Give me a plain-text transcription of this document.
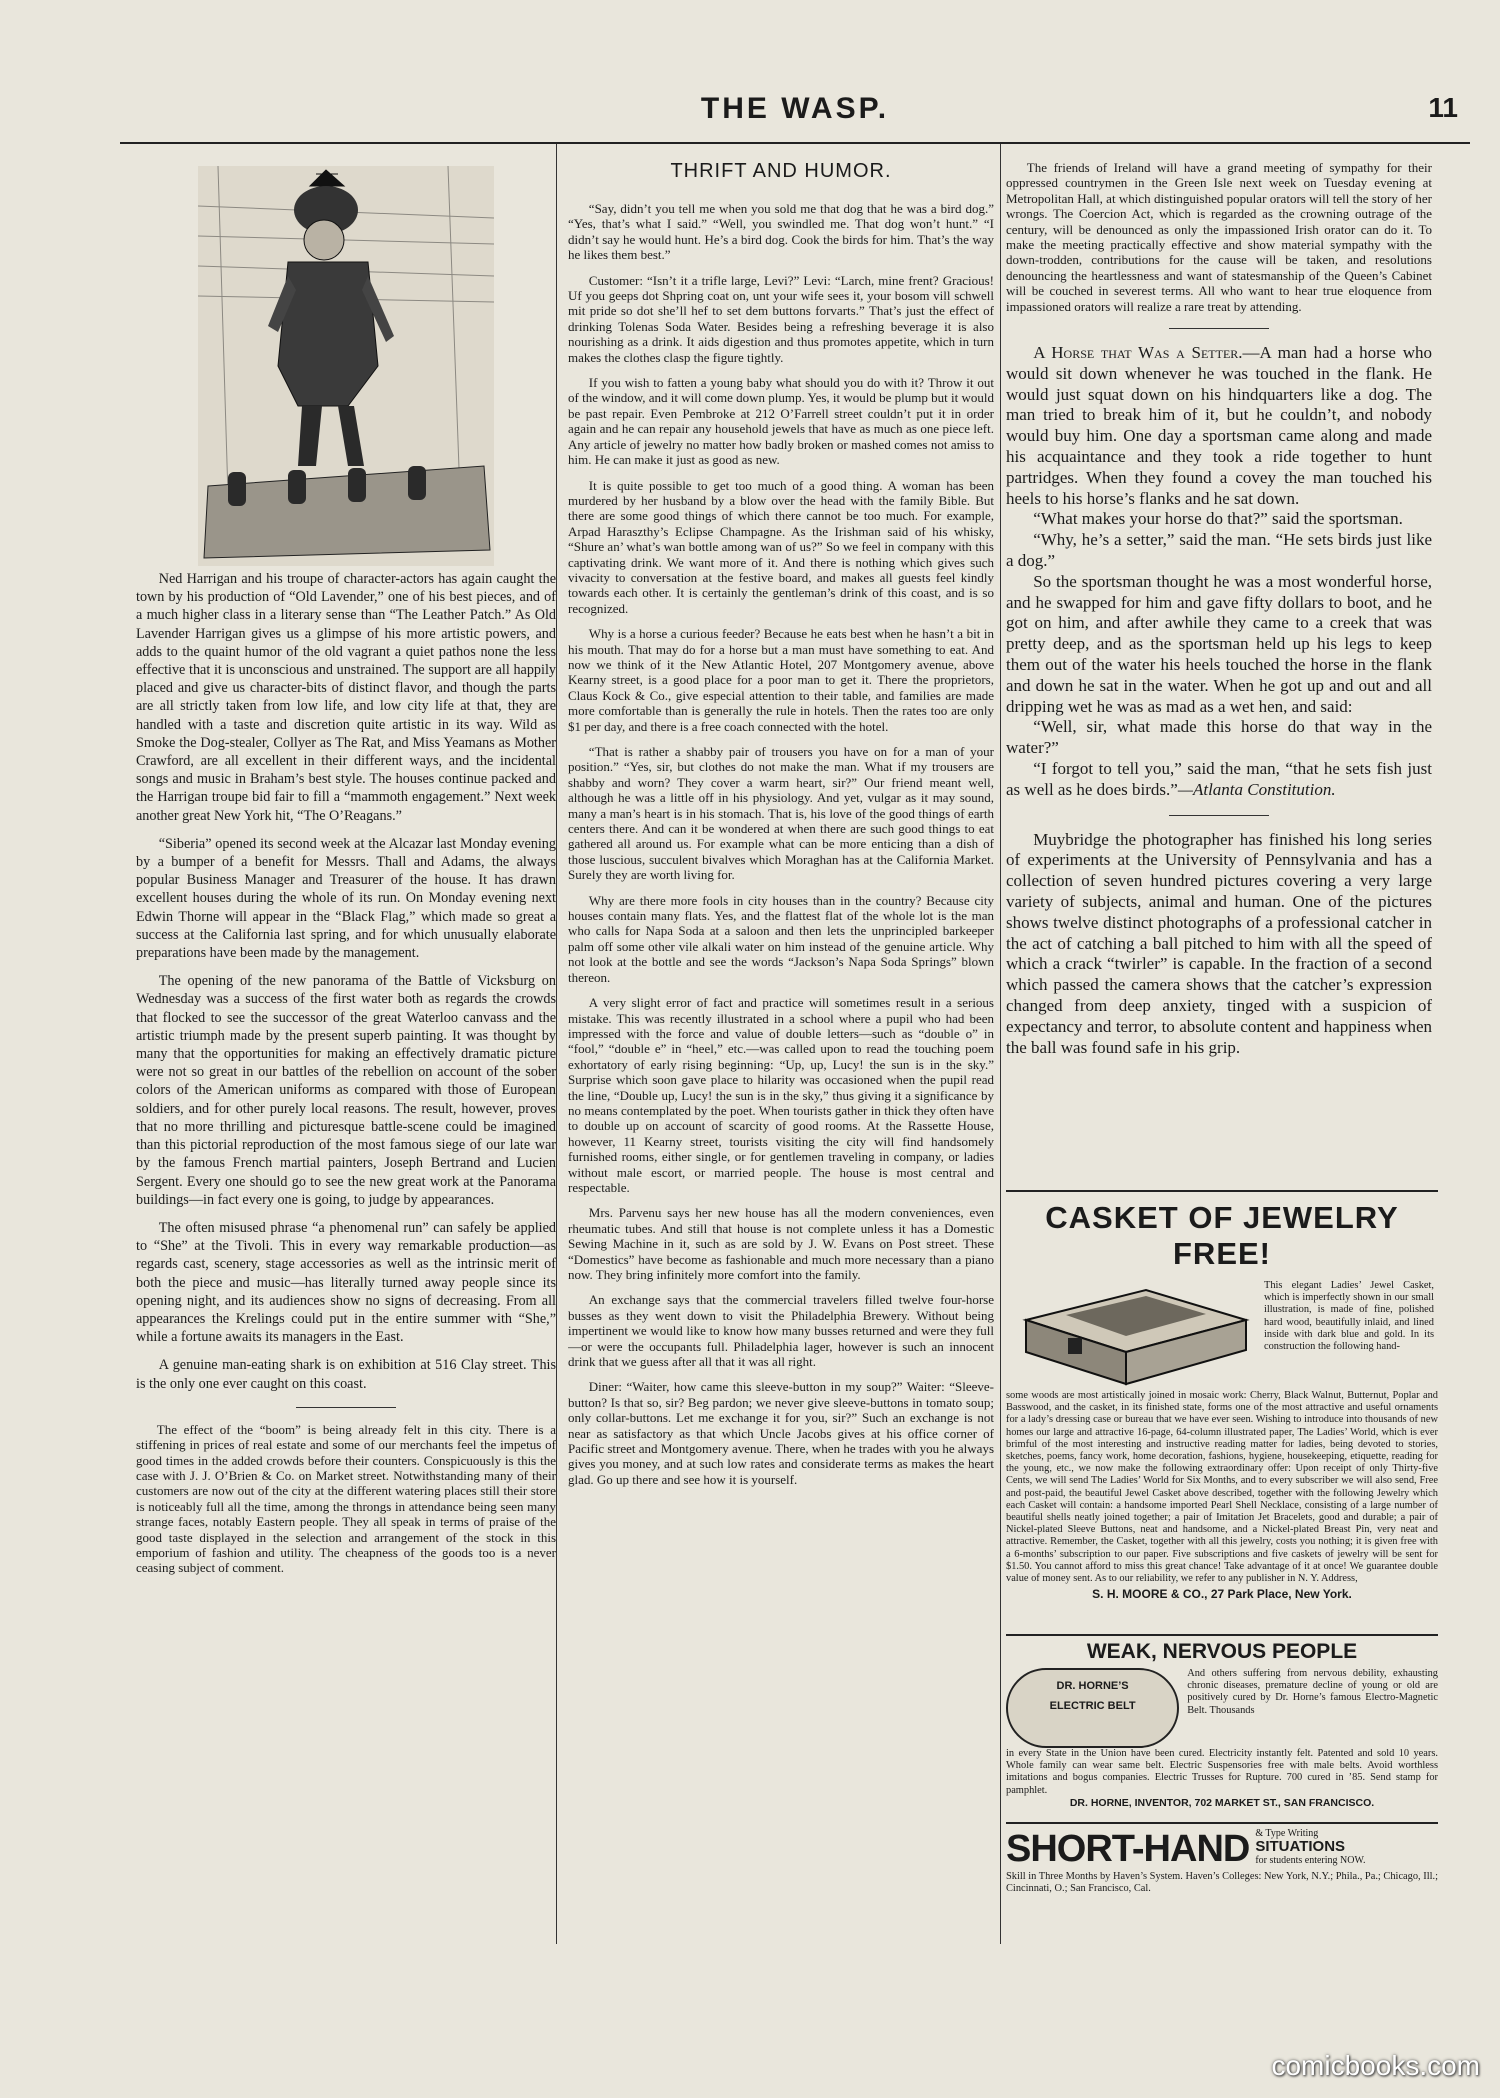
THE WASP.	11

Ned Harrigan and his troupe of character-actors has again caught the town by his production of “Old Lavender,” one of his best pieces, and of a much higher class in a literary sense than “The Leather Patch.” As Old Lavender Harrigan gives us a glimpse of his more artistic powers, and adds to the quaint humor of the old vagrant a quiet pathos none the less effective that it is unconscious and unstrained. The support are all happily placed and give us character-bits of distinct flavor, and though the parts are all strictly taken from low life, and low city life at that, they are handled with a taste and discretion quite artistic in its way. Wild as Smoke the Dog-stealer, Collyer as The Rat, and Miss Yeamans as Mother Crawford, are all excellent in their different ways, and the incidental songs and music in Braham’s best style. The houses continue packed and the Harrigan troupe bid fair to fill a “mammoth engagement.” Next week another great New York hit, “The O’Reagans.”

“Siberia” opened its second week at the Alcazar last Monday evening by a bumper of a benefit for Messrs. Thall and Adams, the always popular Business Manager and Treasurer of the house. It has drawn excellent houses during the whole of its run. On Monday evening next Edwin Thorne will appear in the “Black Flag,” which made so great a success at the California last spring, and for which unusually elaborate preparations have been made by the management.

The opening of the new panorama of the Battle of Vicksburg on Wednesday was a success of the first water both as regards the crowds that flocked to see the successor of the great Waterloo canvass and the artistic triumph made by the present superb painting. It was thought by many that the opportunities for making an effectively dramatic picture were not so great in our battles of the rebellion on account of the sober colors of the American uniforms as compared with those of European soldiers, and for other purely local reasons. The result, however, proves that no more thrilling and picturesque battle-scene could be imagined than this pictorial reproduction of the most famous siege of our late war by the famous French martial painters, Joseph Bertrand and Lucien Sergent. Every one should go to see the new great work at the Panorama buildings—in fact every one is going, to judge by appearances.

The often misused phrase “a phenomenal run” can safely be applied to “She” at the Tivoli. This in every way remarkable production—as regards cast, scenery, stage accessories as well as the intrinsic merit of both the piece and music—has literally turned away people since its opening night, and its audiences show no signs of decreasing. From all appearances the Krelings could put in the entire summer with “She,” while a fortune awaits its managers in the East.

A genuine man-eating shark is on exhibition at 516 Clay street. This is the only one ever caught on this coast.

The effect of the “boom” is being already felt in this city. There is a stiffening in prices of real estate and some of our merchants feel the impetus of good times in the added crowds before their counters. Conspicuously is this the case with J. J. O’Brien & Co. on Market street. Notwithstanding many of their customers are now out of the city at the different watering places still their store is noticeably full all the time, among the throngs in attendance being seen many strange faces, notably Eastern people. They all speak in terms of praise of the good taste displayed in the selection and arrangement of the stock in this emporium of fashion and utility. The cheapness of the goods too is a never ceasing subject of comment.

THRIFT AND HUMOR.

“Say, didn’t you tell me when you sold me that dog that he was a bird dog.” “Yes, that’s what I said.” “Well, you swindled me. That dog won’t hunt.” “I didn’t say he would hunt. He’s a bird dog. Cook the birds for him. That’s the way he likes them best.”

Customer: “Isn’t it a trifle large, Levi?” Levi: “Larch, mine frent? Gracious! Uf you geeps dot Shpring coat on, unt your wife sees it, your bosom vill schwell mit pride so dot she’ll hef to set dem buttons forvarts.” That’s just the effect of drinking Tolenas Soda Water. Besides being a refreshing beverage it is also nourishing as a drink. It aids digestion and thus promotes appetite, which in turn makes the clothes clasp the figure tightly.

If you wish to fatten a young baby what should you do with it? Throw it out of the window, and it will come down plump. Yes, it would be plump but it would be past repair. Even Pembroke at 212 O’Farrell street couldn’t put it in order again and he can repair any household jewels that have as much as one piece left. Any article of jewelry no matter how badly broken or mashed comes not amiss to him. He can make it just as good as new.

It is quite possible to get too much of a good thing. A woman has been murdered by her husband by a blow over the head with the family Bible. But there are some good things of which there cannot be too much. For example, Arpad Haraszthy’s Eclipse Champagne. As the Irishman said of his whisky, “Shure an’ what’s wan bottle among wan of us?” So we feel in company with this captivating drink. We want more of it. And there is nothing which gives such vivacity to conversation at the festive board, and makes all guests feel kindly towards each other. It is certainly the gentleman’s drink of this coast, and is so recognized.

Why is a horse a curious feeder? Because he eats best when he hasn’t a bit in his mouth. That may do for a horse but a man must have something to eat. And now we think of it the New Atlantic Hotel, 207 Montgomery avenue, above Kearny street, is a good place for a poor man to get it. There the proprietors, Claus Kock & Co., give especial attention to their table, and families are made more comfortable than is generally the rule in hotels. Then the rates too are only $1 per day, and there is a free coach connected with the hotel.

“That is rather a shabby pair of trousers you have on for a man of your position.” “Yes, sir, but clothes do not make the man. What if my trousers are shabby and worn? They cover a warm heart, sir?” Our friend meant well, although he was a little off in his physiology. And yet, vulgar as it may sound, many a man’s heart is in his stomach. That is, his love of the good things of earth centers there. And can it be wondered at when there are such good things to eat gathered all around us. For example what can be more enticing than a dish of those luscious, succulent bivalves which Moraghan has at the California Market. Surely they are worth living for.

Why are there more fools in city houses than in the country? Because city houses contain many flats. Yes, and the flattest flat of the whole lot is the man who calls for Napa Soda at a saloon and then lets the unprincipled barkeeper palm off some other vile alkali water on him instead of the genuine article. Why not look at the bottle and see the words “Jackson’s Napa Soda Springs” blown thereon.

A very slight error of fact and practice will sometimes result in a serious mistake. This was recently illustrated in a school where a pupil who had been impressed with the force and value of double letters—such as “double o” in “fool,” “double e” in “heel,” etc.—was called upon to read the touching poem exhortatory of early rising beginning: “Up, up, Lucy! the sun is in the sky.” Surprise which soon gave place to hilarity was occasioned when the pupil read the line, “Double up, Lucy! the sun is in the sky,” thus giving it a significance by no means contemplated by the poet. When tourists gather in thick they often have to double up on account of scarcity of good rooms. At the Rassette House, however, 11 Kearny street, tourists visiting the city will find handsomely furnished rooms, either single, or for gentlemen traveling in company, or ladies without male escort, or married people. The house is most central and respectable.

Mrs. Parvenu says her new house has all the modern conveniences, even rheumatic tubes. And still that house is not complete unless it has a Domestic Sewing Machine in it, such as are sold by J. W. Evans on Post street. These “Domestics” have become as fashionable and much more necessary than a piano now. They bring infinitely more comfort into the family.

An exchange says that the commercial travelers filled twelve four-horse busses as they went down to visit the Philadelphia Brewery. Without being impertinent we would like to know how many busses returned and were they full—or were the occupants full. Philadelphia lager, however is such an innocent drink that we guess after all that it was all right.

Diner: “Waiter, how came this sleeve-button in my soup?” Waiter: “Sleeve-button? Is that so, sir? Beg pardon; we never give sleeve-buttons in tomato soup; only collar-buttons. Let me exchange it for you, sir?” Such an exchange is not near as satisfactory as that which Uncle Jacobs gives at his office corner of Pacific street and Montgomery avenue. There, when he trades with you he always gives you money, and at such low rates and considerate terms as makes the heart glad. Go up there and see how it is yourself.

The friends of Ireland will have a grand meeting of sympathy for their oppressed countrymen in the Green Isle next week on Tuesday evening at Metropolitan Hall, at which distinguished popular orators will tell the story of her wrongs. The Coercion Act, which is regarded as the crowning outrage of the century, will be denounced as only the impassioned Irish orator can do it. To make the meeting practically effective and show material sympathy with the down-trodden, contributions for the cause will be taken, and resolutions denouncing the heartlessness and want of statesmanship of the Queen’s Cabinet will be couched in severest terms. All who want to hear true eloquence from impassioned orators will realize a rare treat by attending.

A Horse that Was a Setter.—A man had a horse who would sit down whenever he was touched in the flank. He would just squat down on his hindquarters like a dog. The man tried to break him of it, but he couldn’t, and nobody would buy him. One day a sportsman came along and made his acquaintance and they took a ride together to hunt partridges. When they found a covey the man touched his heels to his horse’s flanks and he sat down.

“What makes your horse do that?” said the sportsman.

“Why, he’s a setter,” said the man. “He sets birds just like a dog.”

So the sportsman thought he was a most wonderful horse, and he swapped for him and gave fifty dollars to boot, and he got on him, and after awhile they came to a creek that was pretty deep, and as the sportsman held up his legs to keep them out of the water his heels touched the horse in the flank and down he sat in the water. When he got up and out and all dripping wet he was as mad as a wet hen, and said:

“Well, sir, what made this horse do that way in the water?”

“I forgot to tell you,” said the man, “that he sets fish just as well as he does birds.”—Atlanta Constitution.

Muybridge the photographer has finished his long series of experiments at the University of Pennsylvania and has a collection of seven hundred pictures covering a very large variety of subjects, animal and human. One of the pictures shows twelve distinct photographs of a professional catcher in the act of catching a ball pitched to him with all the speed of which a crack “twirler” is capable. In the fraction of a second which passed the camera shows that the catcher’s expression changed from deep anxiety, tinged with a suspicion of expectancy and terror, to absolute content and happiness when the ball was found safe in his grip.

CASKET OF JEWELRY FREE!
This elegant Ladies’ Jewel Casket, which is imperfectly shown in our small illustration, is made of fine, polished hard wood, beautifully inlaid, and lined inside with dark blue and gold. In its construction the following hand-
some woods are most artistically joined in mosaic work: Cherry, Black Walnut, Butternut, Poplar and Basswood, and the casket, in its finished state, forms one of the most attractive and useful ornaments for a lady’s dressing case or bureau that we have ever seen. Wishing to introduce into thousands of new homes our large and attractive 16-page, 64-column illustrated paper, The Ladies’ World, which is ever brimful of the most interesting and instructive reading matter for ladies, being devoted to stories, sketches, poems, fancy work, home decoration, fashions, hygiene, housekeeping, etiquette, reading for the young, etc., we now make the following extraordinary offer: Upon receipt of only Thirty-five Cents, we will send The Ladies’ World for Six Months, and to every subscriber we will also send, Free and post-paid, the beautiful Jewel Casket above described, together with the following Jewelry which each Casket will contain: a handsome imported Pearl Shell Necklace, consisting of a large number of beautiful shells neatly joined together; a pair of Imitation Jet Bracelets, good and durable; a pair of Nickel-plated Sleeve Buttons, neat and handsome, and a Nickel-plated Breast Pin, very neat and attractive. Remember, the Casket, together with all this jewelry, costs you nothing; it is given free with a 6-months’ subscription to our paper. Five subscriptions and five caskets of jewelry will be sent for $1.50. You cannot afford to miss this great chance! Take advantage of it at once! We guarantee double value of money sent. As to our reliability, we refer to any publisher in N. Y. Address,
S. H. MOORE & CO., 27 Park Place, New York.
WEAK, NERVOUS PEOPLE
DR. HORNE’S
ELECTRIC BELT
And others suffering from nervous debility, exhausting chronic diseases, premature decline of young or old are positively cured by Dr. Horne’s famous Electro-Magnetic Belt. Thousands
in every State in the Union have been cured. Electricity instantly felt. Patented and sold 10 years. Whole family can wear same belt. Electric Suspensories free with male belts. Avoid worthless imitations and bogus companies. Electric Trusses for Rupture. 700 cured in ’85. Send stamp for pamphlet.
DR. HORNE, INVENTOR, 702 MARKET ST., SAN FRANCISCO.
SHORT-HAND & Type Writing
SITUATIONS
for students entering NOW.
Skill in Three Months by Haven’s System. Haven’s Colleges: New York, N.Y.; Phila., Pa.; Chicago, Ill.; Cincinnati, O.; San Francisco, Cal.
comicbooks.com
